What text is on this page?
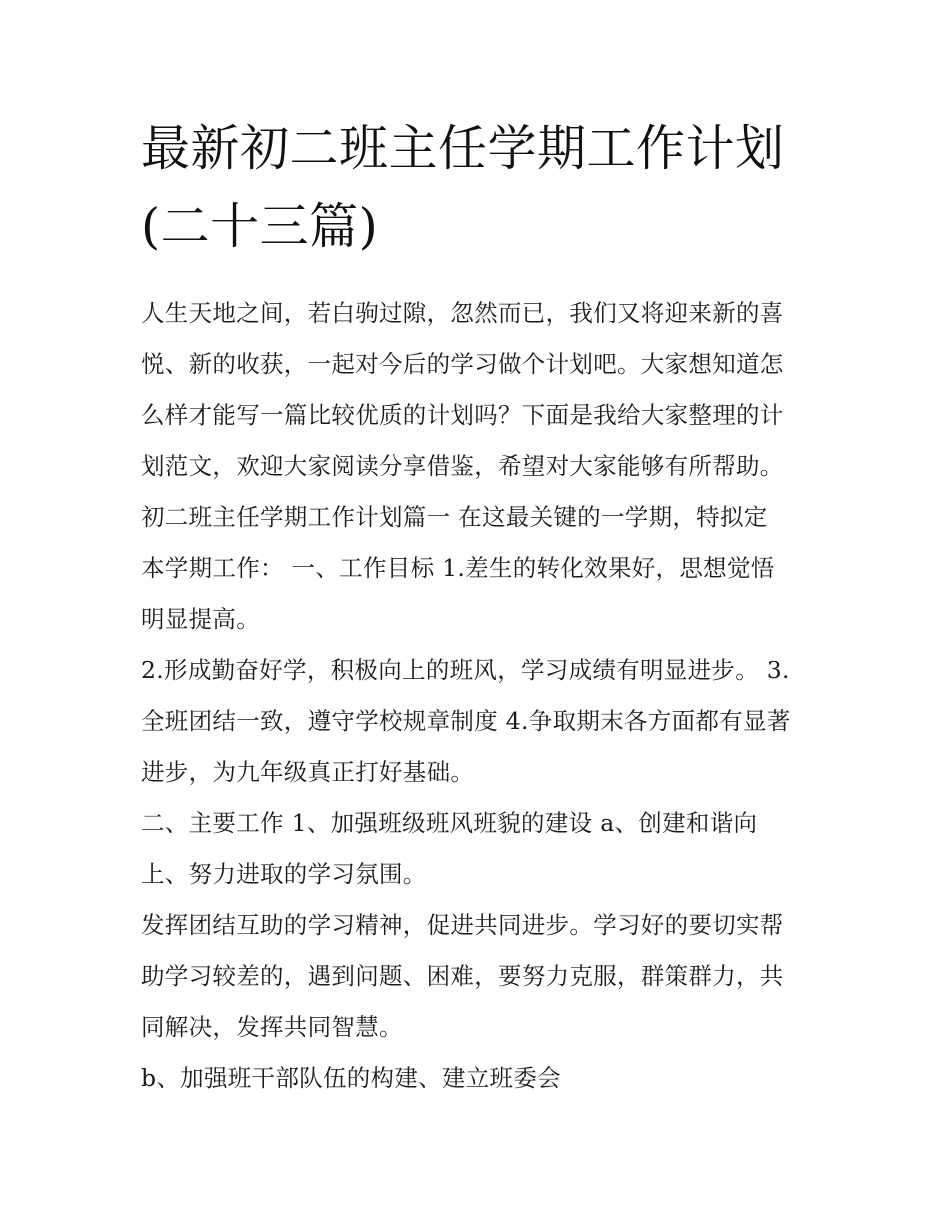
最新初二班主任学期工作计划
(二十三篇)

人生天地之间，若白驹过隙，忽然而已，我们又将迎来新的喜
悦、新的收获，一起对今后的学习做个计划吧。大家想知道怎
么样才能写一篇比较优质的计划吗？下面是我给大家整理的计
划范文，欢迎大家阅读分享借鉴，希望对大家能够有所帮助。
初二班主任学期工作计划篇一 在这最关键的一学期，特拟定
本学期工作： 一、工作目标 1.差生的转化效果好，思想觉悟
明显提高。

2.形成勤奋好学，积极向上的班风，学习成绩有明显进步。 3.
全班团结一致，遵守学校规章制度 4.争取期末各方面都有显著
进步，为九年级真正打好基础。

二、主要工作 1、加强班级班风班貌的建设 a、创建和谐向
上、努力进取的学习氛围。

发挥团结互助的学习精神，促进共同进步。学习好的要切实帮
助学习较差的，遇到问题、困难，要努力克服，群策群力，共
同解决，发挥共同智慧。

b、加强班干部队伍的构建、建立班委会
